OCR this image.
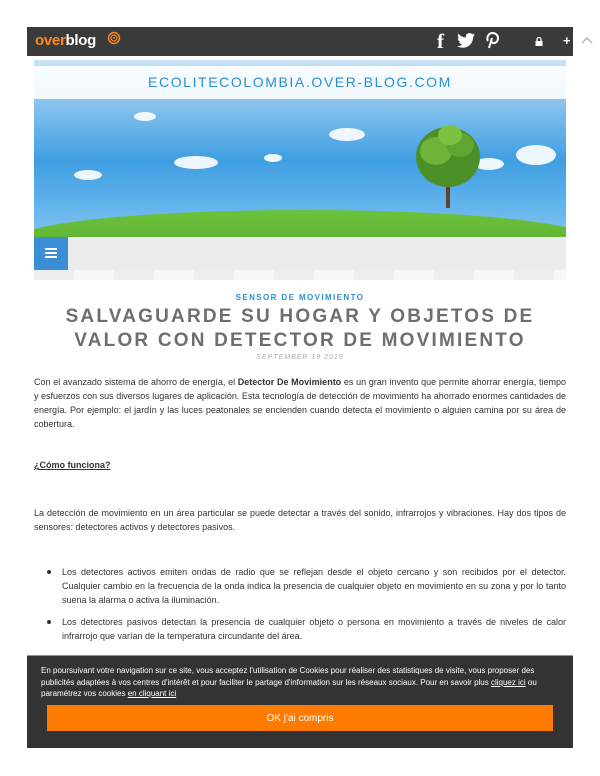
overblog	f	+
ECOLITECOLOMBIA.OVER-BLOG.COM
SENSOR DE MOVIMIENTO
SALVAGUARDE SU HOGAR Y OBJETOS DE VALOR CON DETECTOR DE MOVIMIENTO
SEPTEMBER 19 2019

Con el avanzado sistema de ahorro de energía, el Detector De Movimiento es un gran invento que permite ahorrar energía, tiempo y esfuerzos con sus diversos lugares de aplicación. Esta tecnología de detección de movimiento ha ahorrado enormes cantidades de energía. Por ejemplo: el jardín y las luces peatonales se encienden cuando detecta el movimiento o alguien camina por su área de cobertura.

¿Cómo funciona?

La detección de movimiento en un área particular se puede detectar a través del sonido, infrarrojos y vibraciones. Hay dos tipos de sensores: detectores activos y detectores pasivos.

Los detectores activos emiten ondas de radio que se reflejan desde el objeto cercano y son recibidos por el detector. Cualquier cambio en la frecuencia de la onda indica la presencia de cualquier objeto en movimiento en su zona y por lo tanto suena la alarma o activa la iluminación.
Los detectores pasivos detectan la presencia de cualquier objeto o persona en movimiento a través de niveles de calor infrarrojo que varían de la temperatura circundante del área.

En poursuivant votre navigation sur ce site, vous acceptez l'utilisation de Cookies pour réaliser des statistiques de visite, vous proposer des publicités adaptées à vos centres d'intérêt et pour faciliter le partage d'information sur les réseaux sociaux. Pour en savoir plus cliquez ici ou paramétrez vos cookies en cliquant ici

OK j'ai compris
